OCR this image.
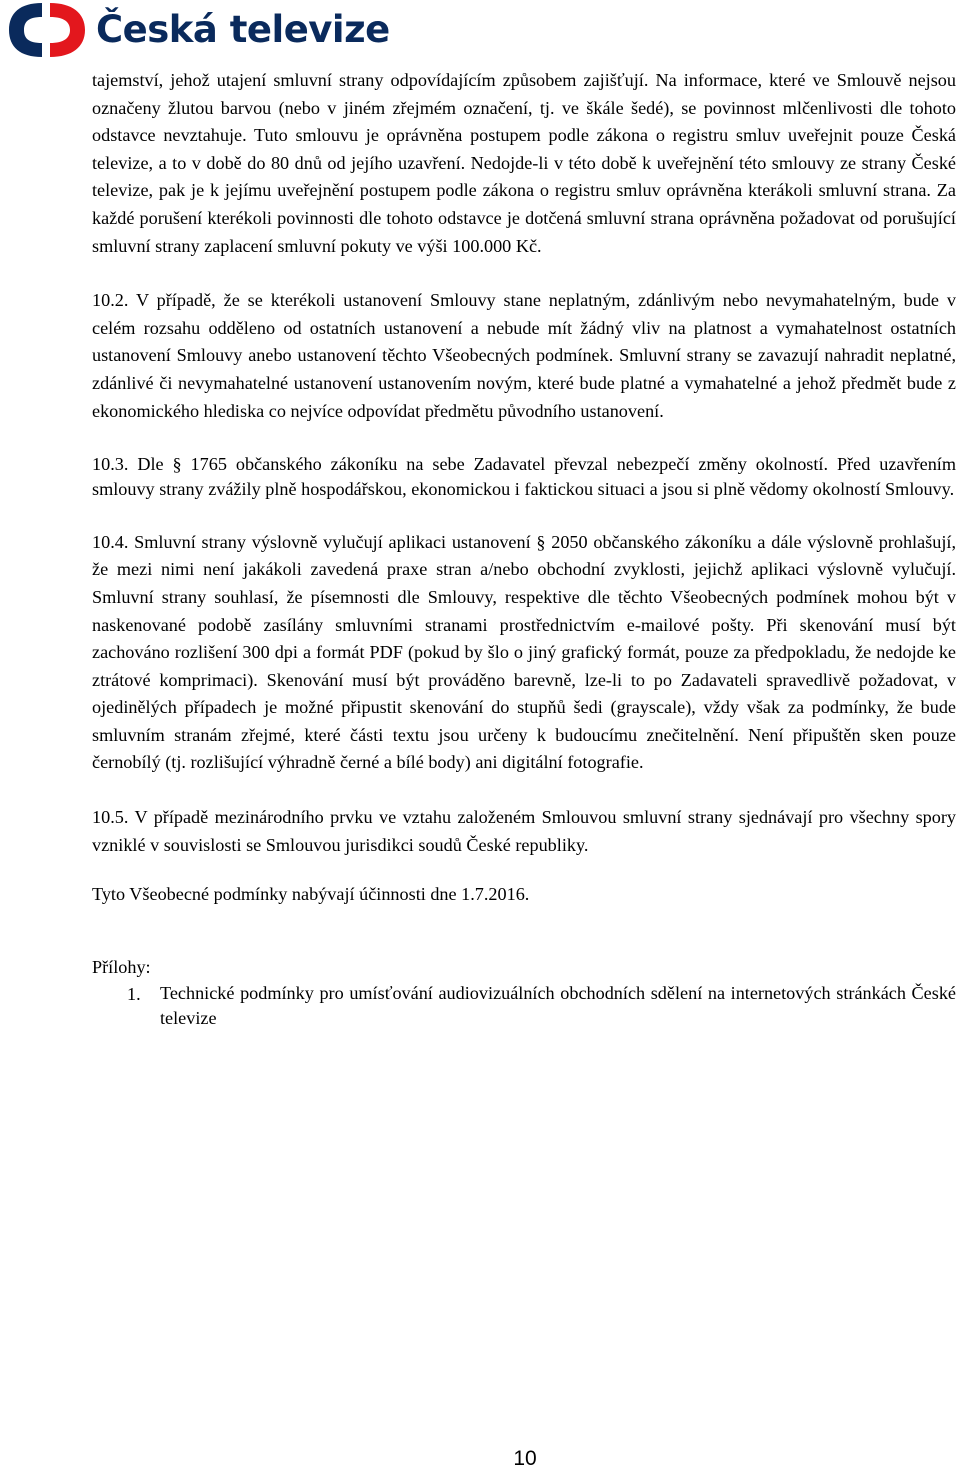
Česká televize

tajemství, jehož utajení smluvní strany odpovídajícím způsobem zajišťují. Na informace, které ve Smlouvě nejsou označeny žlutou barvou (nebo v jiném zřejmém označení, tj. ve škále šedé), se povinnost mlčenlivosti dle tohoto odstavce nevztahuje. Tuto smlouvu je oprávněna postupem podle zákona o registru smluv uveřejnit pouze Česká televize, a to v době do 80 dnů od jejího uzavření. Nedojde-li v této době k uveřejnění této smlouvy ze strany České televize, pak je k jejímu uveřejnění postupem podle zákona o registru smluv oprávněna kterákoli smluvní strana. Za každé porušení kterékoli povinnosti dle tohoto odstavce je dotčená smluvní strana oprávněna požadovat od porušující smluvní strany zaplacení smluvní pokuty ve výši 100.000 Kč.

10.2. V případě, že se kterékoli ustanovení Smlouvy stane neplatným, zdánlivým nebo nevymahatelným, bude v celém rozsahu odděleno od ostatních ustanovení a nebude mít žádný vliv na platnost a vymahatelnost ostatních ustanovení Smlouvy anebo ustanovení těchto Všeobecných podmínek. Smluvní strany se zavazují nahradit neplatné, zdánlivé či nevymahatelné ustanovení ustanovením novým, které bude platné a vymahatelné a jehož předmět bude z ekonomického hlediska co nejvíce odpovídat předmětu původního ustanovení.

10.3. Dle § 1765 občanského zákoníku na sebe Zadavatel převzal nebezpečí změny okolností. Před uzavřením smlouvy strany zvážily plně hospodářskou, ekonomickou i faktickou situaci a jsou si plně vědomy okolností Smlouvy.

10.4. Smluvní strany výslovně vylučují aplikaci ustanovení § 2050 občanského zákoníku a dále výslovně prohlašují, že mezi nimi není jakákoli zavedená praxe stran a/nebo obchodní zvyklosti, jejichž aplikaci výslovně vylučují. Smluvní strany souhlasí, že písemnosti dle Smlouvy, respektive dle těchto Všeobecných podmínek mohou být v naskenované podobě zasílány smluvními stranami prostřednictvím e-mailové pošty. Při skenování musí být zachováno rozlišení 300 dpi a formát PDF (pokud by šlo o jiný grafický formát, pouze za předpokladu, že nedojde ke ztrátové komprimaci). Skenování musí být prováděno barevně, lze-li to po Zadavateli spravedlivě požadovat, v ojedinělých případech je možné připustit skenování do stupňů šedi (grayscale), vždy však za podmínky, že bude smluvním stranám zřejmé, které části textu jsou určeny k budoucímu znečitelnění. Není připuštěn sken pouze černobílý (tj. rozlišující výhradně černé a bílé body) ani digitální fotografie.

10.5. V případě mezinárodního prvku ve vztahu založeném Smlouvou smluvní strany sjednávají pro všechny spory vzniklé v souvislosti se Smlouvou jurisdikci soudů České republiky.

Tyto Všeobecné podmínky nabývají účinnosti dne 1.7.2016.

Přílohy:

1.	Technické podmínky pro umísťování audiovizuálních obchodních sdělení na internetových stránkách České televize
10
